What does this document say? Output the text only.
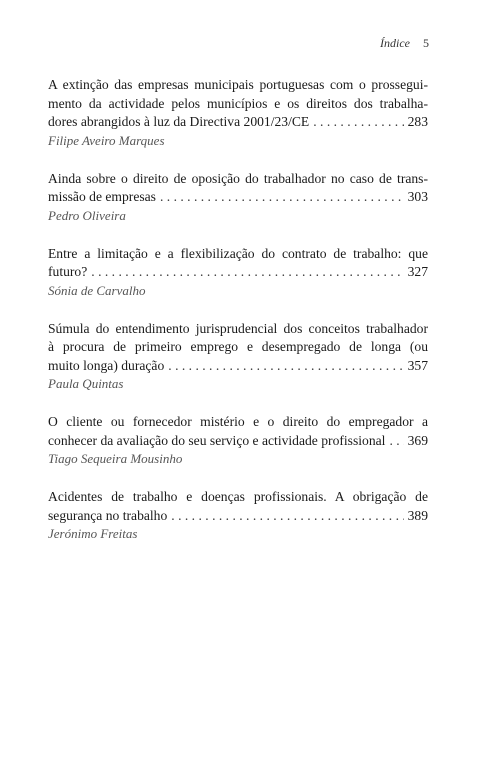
Índice 5
A extinção das empresas municipais portuguesas com o prossegui-
mento da actividade pelos municípios e os direitos dos trabalha-
dores abrangidos à luz da Directiva 2001/23/CE . . .	283
Filipe Aveiro Marques
Ainda sobre o direito de oposição do trabalhador no caso de trans-
missão de empresas . . .	303
Pedro Oliveira
Entre a limitação e a flexibilização do contrato de trabalho: que
futuro? . . .	327
Sónia de Carvalho
Súmula do entendimento jurisprudencial dos conceitos trabalhador
à procura de primeiro emprego e desempregado de longa (ou
muito longa) duração . . .	357
Paula Quintas
O cliente ou fornecedor mistério e o direito do empregador a
conhecer da avaliação do seu serviço e actividade profissional . . . 369
Tiago Sequeira Mousinho
Acidentes de trabalho e doenças profissionais. A obrigação de
segurança no trabalho . . .	389
Jerónimo Freitas
